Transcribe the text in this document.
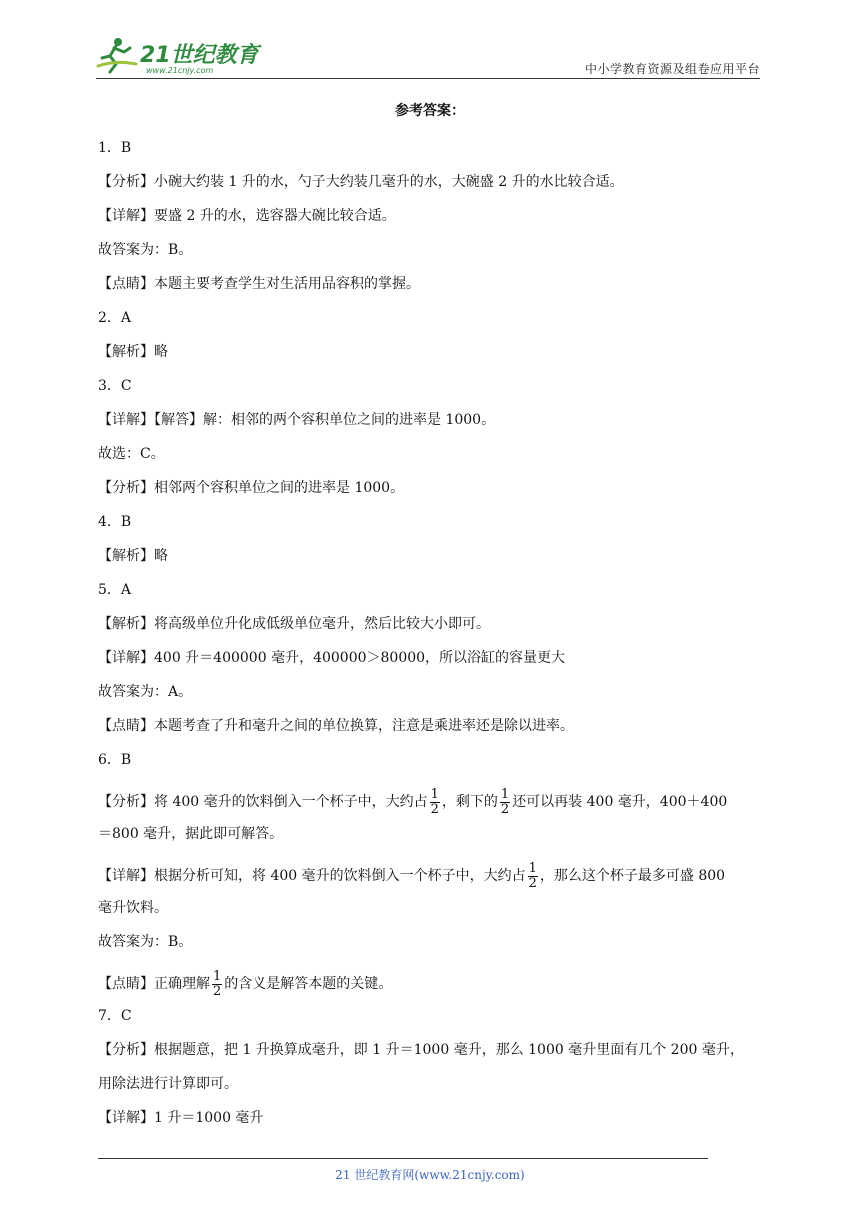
21世纪教育
www.21cnjy.com	中小学教育资源及组卷应用平台
参考答案：
1．B
【分析】小碗大约装 1 升的水，勺子大约装几毫升的水，大碗盛 2 升的水比较合适。
【详解】要盛 2 升的水，选容器大碗比较合适。
故答案为：B。
【点睛】本题主要考查学生对生活用品容积的掌握。
2．A
【解析】略
3．C
【详解】【解答】解：相邻的两个容积单位之间的进率是 1000。
故选：C。
【分析】相邻两个容积单位之间的进率是 1000。
4．B
【解析】略
5．A
【解析】将高级单位升化成低级单位毫升，然后比较大小即可。
【详解】400 升＝400000 毫升，400000＞80000，所以浴缸的容量更大
故答案为：A。
【点睛】本题考查了升和毫升之间的单位换算，注意是乘进率还是除以进率。
6．B
【分析】将 400 毫升的饮料倒入一个杯子中，大约占 $\frac{1}{2}$ ，剩下的 $\frac{1}{2}$ 还可以再装 400 毫升，400＋400
＝800 毫升，据此即可解答。
【详解】根据分析可知，将 400 毫升的饮料倒入一个杯子中，大约占 $\frac{1}{2}$ ，那么这个杯子最多可盛 800
毫升饮料。
故答案为：B。
【点睛】正确理解 $\frac{1}{2}$ 的含义是解答本题的关键。
7．C
【分析】根据题意，把 1 升换算成毫升，即 1 升＝1000 毫升，那么 1000 毫升里面有几个 200 毫升，
用除法进行计算即可。
【详解】1 升＝1000 毫升
21 世纪教育网(www.21cnjy.com)
